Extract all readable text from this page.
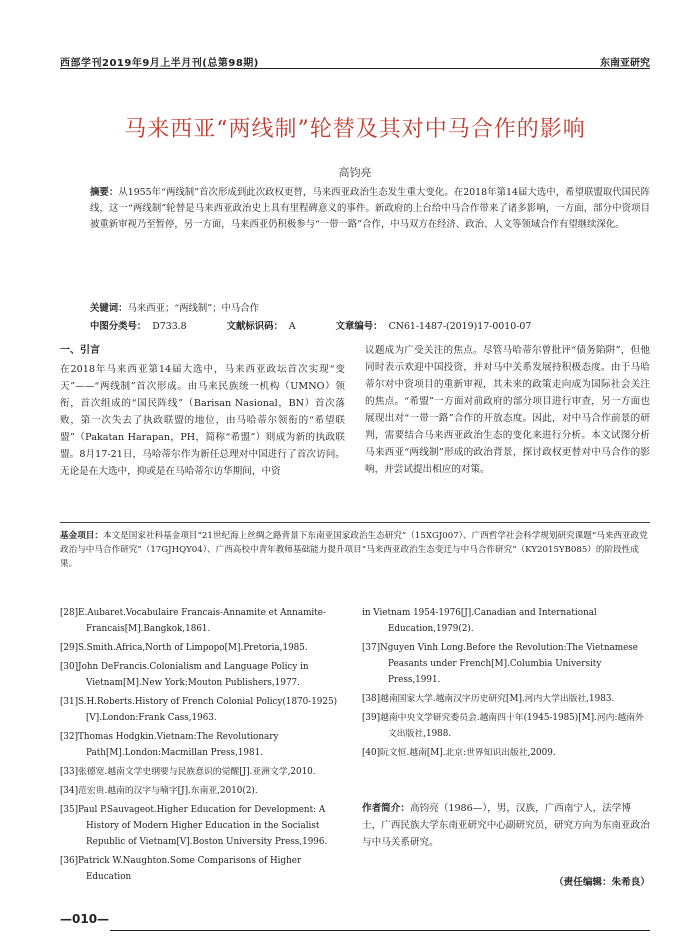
西部学刊2019年9月上半月刊(总第98期)	东南亚研究
马来西亚“两线制”轮替及其对中马合作的影响
高钧亮
摘要：从1955年“两线制”首次形成到此次政权更替，马来西亚政治生态发生重大变化。在2018年第14届大选中，希望联盟取代国民阵线，这一“两线制”轮替是马来西亚政治史上具有里程碑意义的事件。新政府的上台给中马合作带来了诸多影响，一方面，部分中资项目被重新审视乃至暂停，另一方面，马来西亚仍积极参与“一带一路”合作，中马双方在经济、政治、人文等领域合作有望继续深化。
关键词：马来西亚；“两线制”；中马合作
中图分类号： D733.8	文献标识码： A	文章编号： CN61-1487-(2019)17-0010-07
一、引言
在2018年马来西亚第14届大选中，马来西亚政坛首次实现“变天”——“两线制”首次形成。由马来民族统一机构（UMNO）领衔，首次组成的“国民阵线”（Barisan Nasional，BN）首次落败，第一次失去了执政联盟的地位，由马哈蒂尔领衔的“希望联盟”（Pakatan Harapan，PH，简称“希盟”）则成为新的执政联盟。8月17-21日，马哈蒂尔作为新任总理对中国进行了首次访问。无论是在大选中，抑或是在马哈蒂尔访华期间，中资
议题成为广受关注的焦点。尽管马哈蒂尔曾批评“债务陷阱”，但他同时表示欢迎中国投资，并对马中关系发展持积极态度。由于马哈蒂尔对中资项目的重新审视，其未来的政策走向成为国际社会关注的焦点。“希盟”一方面对前政府的部分项目进行审查，另一方面也展现出对“一带一路”合作的开放态度。因此，对中马合作前景的研判，需要结合马来西亚政治生态的变化来进行分析。本文试图分析马来西亚“两线制”形成的政治背景，探讨政权更替对中马合作的影响，并尝试提出相应的对策。
基金项目：本文是国家社科基金项目“21世纪海上丝绸之路背景下东南亚国家政治生态研究”（15XGJ007）、广西哲学社会科学规划研究课题“马来西亚政党政治与中马合作研究”（17GJHQY04）、广西高校中青年教师基础能力提升项目“马来西亚政治生态变迁与中马合作研究”（KY2015YB085）的阶段性成果。

[28]E.Aubaret.Vocabulaire Francais-Annamite et Annamite-Francais[M].Bangkok,1861.

[29]S.Smith.Africa,North of Limpopo[M].Pretoria,1985.

[30]John DeFrancis.Colonialism and Language Policy in Vietnam[M].New York:Mouton Publishers,1977.

[31]S.H.Roberts.History of French Colonial Policy(1870-1925)[V].London:Frank Cass,1963.

[32]Thomas Hodgkin.Vietnam:The Revolutionary Path[M].London:Macmillan Press,1981.

[33]张德宽.越南文学史纲要与民族意识的觉醒[J].亚洲文学,2010.

[34]范宏贵.越南的汉字与喃字[J].东南亚,2010(2).

[35]Paul P.Sauvageot.Higher Education for Development: A History of Modern Higher Education in the Socialist Republic of Vietnam[V].Boston University Press,1996.

[36]Patrick W.Naughton.Some Comparisons of Higher Education

in Vietnam 1954-1976[J].Canadian and International Education,1979(2).

[37]Nguyen Vinh Long.Before the Revolution:The Vietnamese Peasants under French[M].Columbia University Press,1991.

[38]越南国家大学.越南汉字历史研究[M].河内大学出版社,1983.

[39]越南中央文学研究委员会.越南四十年(1945-1985)[M].河内:越南外文出版社,1988.

[40]阮文恒.越南[M].北京:世界知识出版社,2009.

作者简介：高钧亮（1986—），男，汉族，广西南宁人，法学博士，广西民族大学东南亚研究中心副研究员，研究方向为东南亚政治与中马关系研究。
（责任编辑：朱希良）
—010—
